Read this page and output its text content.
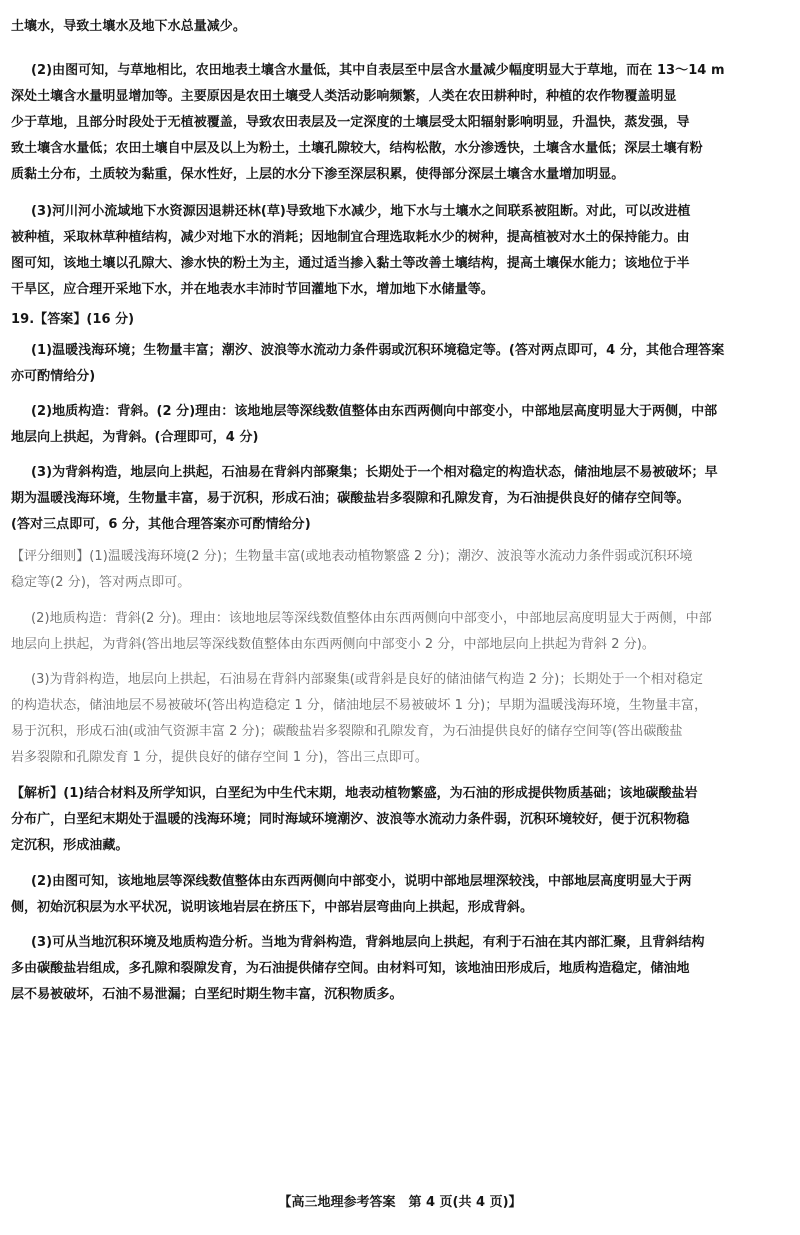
土壤水，导致土壤水及地下水总量减少。

(2)由图可知，与草地相比，农田地表土壤含水量低，其中自表层至中层含水量减少幅度明显大于草地，而在 13～14 m

深处土壤含水量明显增加等。主要原因是农田土壤受人类活动影响频繁，人类在农田耕种时，种植的农作物覆盖明显

少于草地，且部分时段处于无植被覆盖，导致农田表层及一定深度的土壤层受太阳辐射影响明显，升温快，蒸发强，导

致土壤含水量低；农田土壤自中层及以上为粉土，土壤孔隙较大，结构松散，水分渗透快，土壤含水量低；深层土壤有粉

质黏土分布，土质较为黏重，保水性好，上层的水分下渗至深层积累，使得部分深层土壤含水量增加明显。

(3)河川河小流域地下水资源因退耕还林(草)导致地下水减少，地下水与土壤水之间联系被阻断。对此，可以改进植

被种植，采取林草种植结构，减少对地下水的消耗；因地制宜合理选取耗水少的树种，提高植被对水土的保持能力。由

图可知，该地土壤以孔隙大、渗水快的粉土为主，通过适当掺入黏土等改善土壤结构，提高土壤保水能力；该地位于半

干旱区，应合理开采地下水，并在地表水丰沛时节回灌地下水，增加地下水储量等。

19.【答案】(16 分)

(1)温暖浅海环境；生物量丰富；潮汐、波浪等水流动力条件弱或沉积环境稳定等。(答对两点即可，4 分，其他合理答案

亦可酌情给分)

(2)地质构造：背斜。(2 分)理由：该地地层等深线数值整体由东西两侧向中部变小，中部地层高度明显大于两侧，中部

地层向上拱起，为背斜。(合理即可，4 分)

(3)为背斜构造，地层向上拱起，石油易在背斜内部聚集；长期处于一个相对稳定的构造状态，储油地层不易被破坏；早

期为温暖浅海环境，生物量丰富，易于沉积，形成石油；碳酸盐岩多裂隙和孔隙发育，为石油提供良好的储存空间等。

(答对三点即可，6 分，其他合理答案亦可酌情给分)

【评分细则】(1)温暖浅海环境(2 分)；生物量丰富(或地表动植物繁盛 2 分)；潮汐、波浪等水流动力条件弱或沉积环境

稳定等(2 分)，答对两点即可。

(2)地质构造：背斜(2 分)。理由：该地地层等深线数值整体由东西两侧向中部变小，中部地层高度明显大于两侧，中部

地层向上拱起，为背斜(答出地层等深线数值整体由东西两侧向中部变小 2 分，中部地层向上拱起为背斜 2 分)。

(3)为背斜构造，地层向上拱起，石油易在背斜内部聚集(或背斜是良好的储油储气构造 2 分)；长期处于一个相对稳定

的构造状态，储油地层不易被破坏(答出构造稳定 1 分，储油地层不易被破坏 1 分)；早期为温暖浅海环境，生物量丰富，

易于沉积，形成石油(或油气资源丰富 2 分)；碳酸盐岩多裂隙和孔隙发育，为石油提供良好的储存空间等(答出碳酸盐

岩多裂隙和孔隙发育 1 分，提供良好的储存空间 1 分)，答出三点即可。

【解析】(1)结合材料及所学知识，白垩纪为中生代末期，地表动植物繁盛，为石油的形成提供物质基础；该地碳酸盐岩

分布广，白垩纪末期处于温暖的浅海环境；同时海域环境潮汐、波浪等水流动力条件弱，沉积环境较好，便于沉积物稳

定沉积，形成油藏。

(2)由图可知，该地地层等深线数值整体由东西两侧向中部变小，说明中部地层埋深较浅，中部地层高度明显大于两

侧，初始沉积层为水平状况，说明该地岩层在挤压下，中部岩层弯曲向上拱起，形成背斜。

(3)可从当地沉积环境及地质构造分析。当地为背斜构造，背斜地层向上拱起，有利于石油在其内部汇聚，且背斜结构

多由碳酸盐岩组成，多孔隙和裂隙发育，为石油提供储存空间。由材料可知，该地油田形成后，地质构造稳定，储油地

层不易被破坏，石油不易泄漏；白垩纪时期生物丰富，沉积物质多。

【高三地理参考答案　第 4 页(共 4 页)】
